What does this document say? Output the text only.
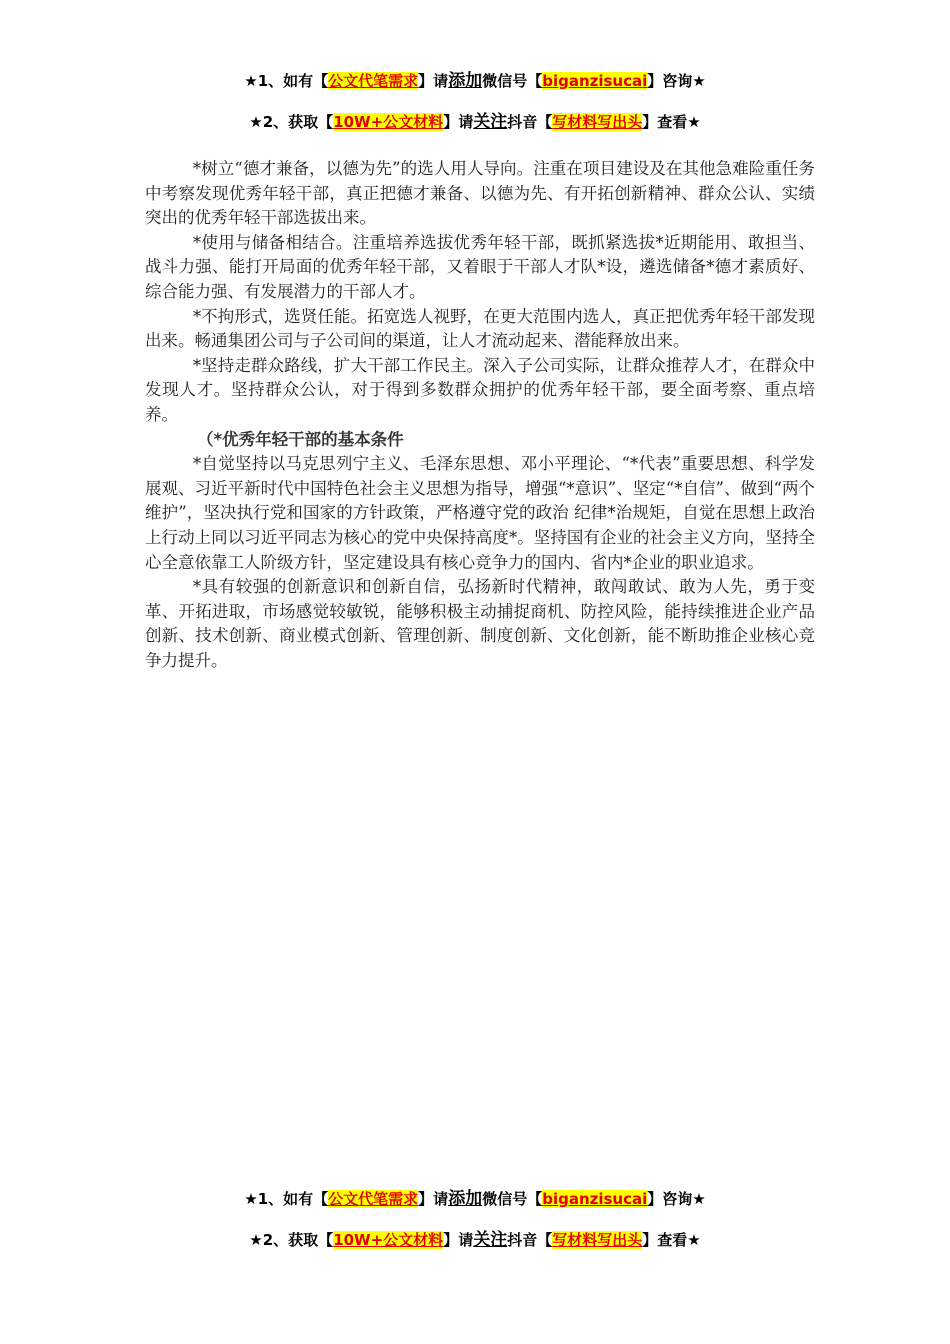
★1、如有【公文代笔需求】请添加微信号【biganzisucai】咨询★
★2、获取【10W+公文材料】请关注抖音【写材料写出头】查看★

*树立“德才兼备，以德为先”的选人用人导向。注重在项目建设及在其他急难险重任务中考察发现优秀年轻干部，真正把德才兼备、以德为先、有开拓创新精神、群众公认、实绩突出的优秀年轻干部选拔出来。

*使用与储备相结合。注重培养选拔优秀年轻干部，既抓紧选拔*近期能用、敢担当、战斗力强、能打开局面的优秀年轻干部，又着眼于干部人才队*设，遴选储备*德才素质好、综合能力强、有发展潜力的干部人才。

*不拘形式，选贤任能。拓宽选人视野，在更大范围内选人，真正把优秀年轻干部发现出来。畅通集团公司与子公司间的渠道，让人才流动起来、潜能释放出来。

*坚持走群众路线，扩大干部工作民主。深入子公司实际，让群众推荐人才，在群众中发现人才。坚持群众公认，对于得到多数群众拥护的优秀年轻干部，要全面考察、重点培养。

（*优秀年轻干部的基本条件

*自觉坚持以马克思列宁主义、毛泽东思想、邓小平理论、“*代表”重要思想、科学发展观、习近平新时代中国特色社会主义思想为指导，增强“*意识”、坚定“*自信”、做到“两个维护”，坚决执行党和国家的方针政策，严格遵守党的政治 纪律*治规矩，自觉在思想上政治上行动上同以习近平同志为核心的党中央保持高度*。坚持国有企业的社会主义方向，坚持全心全意依靠工人阶级方针，坚定建设具有核心竞争力的国内、省内*企业的职业追求。

*具有较强的创新意识和创新自信，弘扬新时代精神，敢闯敢试、敢为人先，勇于变革、开拓进取，市场感觉较敏锐，能够积极主动捕捉商机、防控风险，能持续推进企业产品创新、技术创新、商业模式创新、管理创新、制度创新、文化创新，能不断助推企业核心竞争力提升。

★1、如有【公文代笔需求】请添加微信号【biganzisucai】咨询★
★2、获取【10W+公文材料】请关注抖音【写材料写出头】查看★
